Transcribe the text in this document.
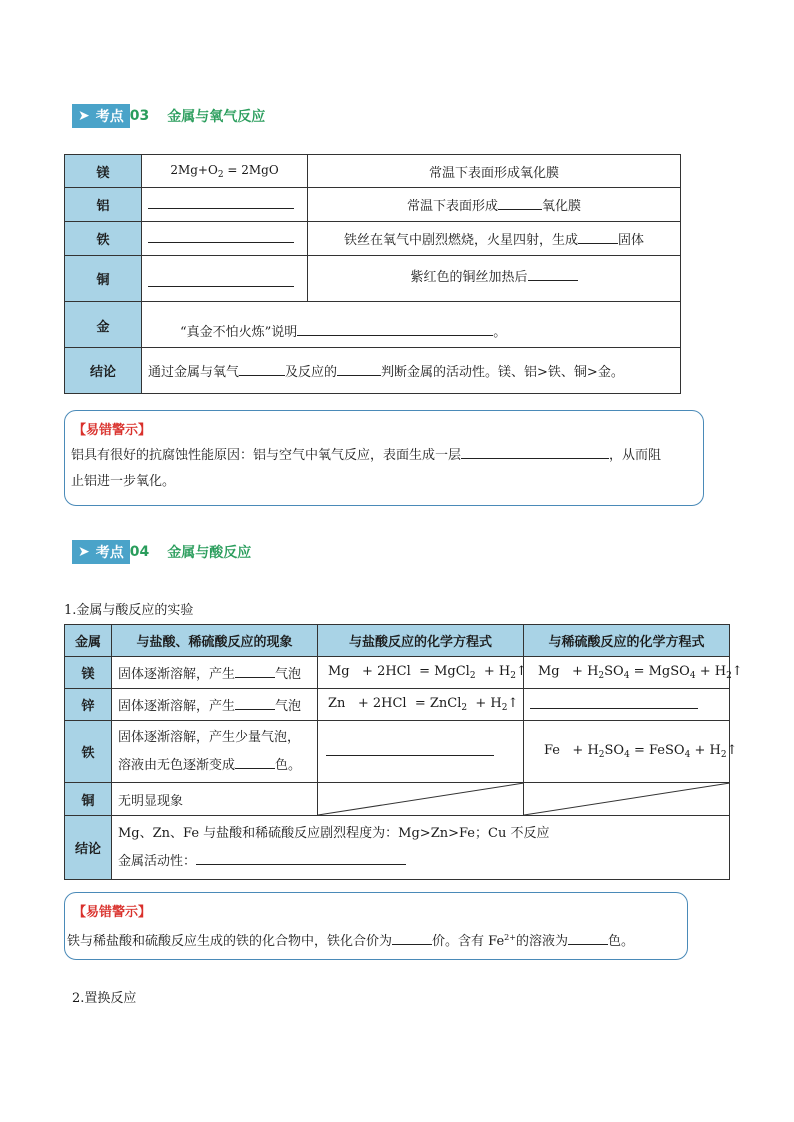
➤ 考点 03 金属与氧气反应
镁	$2Mg+O_2 = 2MgO$	常温下表面形成氧化膜
铝		常温下表面形成 氧化膜
铁		铁丝在氧气中剧烈燃烧，火星四射，生成 固体
铜		紫红色的铜丝加热后
金	“真金不怕火炼”说明 。	
结论	通过金属与氧气 及反应的 判断金属的活动性。镁、铝>铁、铜>金。	
【易错警示】
铝具有很好的抗腐蚀性能原因：铝与空气中氧气反应，表面生成一层	，从而阻
止铝进一步氧化。
➤ 考点 04 金属与酸反应
1.金属与酸反应的实验
金属	与盐酸、稀硫酸反应的现象	与盐酸反应的化学方程式	与稀硫酸反应的化学方程式
镁	固体逐渐溶解，产生 气泡	Mg + 2HCl = MgCl$_2$ + $H_2↑$	$Mg + H_2SO_4$ = MgSO$_4$ + $H_2↑$
锌	固体逐渐溶解，产生 气泡	Zn + 2HCl = ZnCl$_2$ + $H_2↑$	
铁	固体逐渐溶解，产生少量气泡，
溶液由无色逐渐变成 色。		$Fe + H_2SO_4$ = FeSO$_4$ + $H_2↑$
铜	无明显现象	

结论	Mg、Zn、Fe 与盐酸和稀硫酸反应剧烈程度为：Mg>Zn>Fe；Cu 不反应
金属活动性：		
【易错警示】
铁与稀盐酸和硫酸反应生成的铁的化合物中，铁化合价为	价。含有 $Fe^{2+}$的溶液为	色。
2.置换反应
